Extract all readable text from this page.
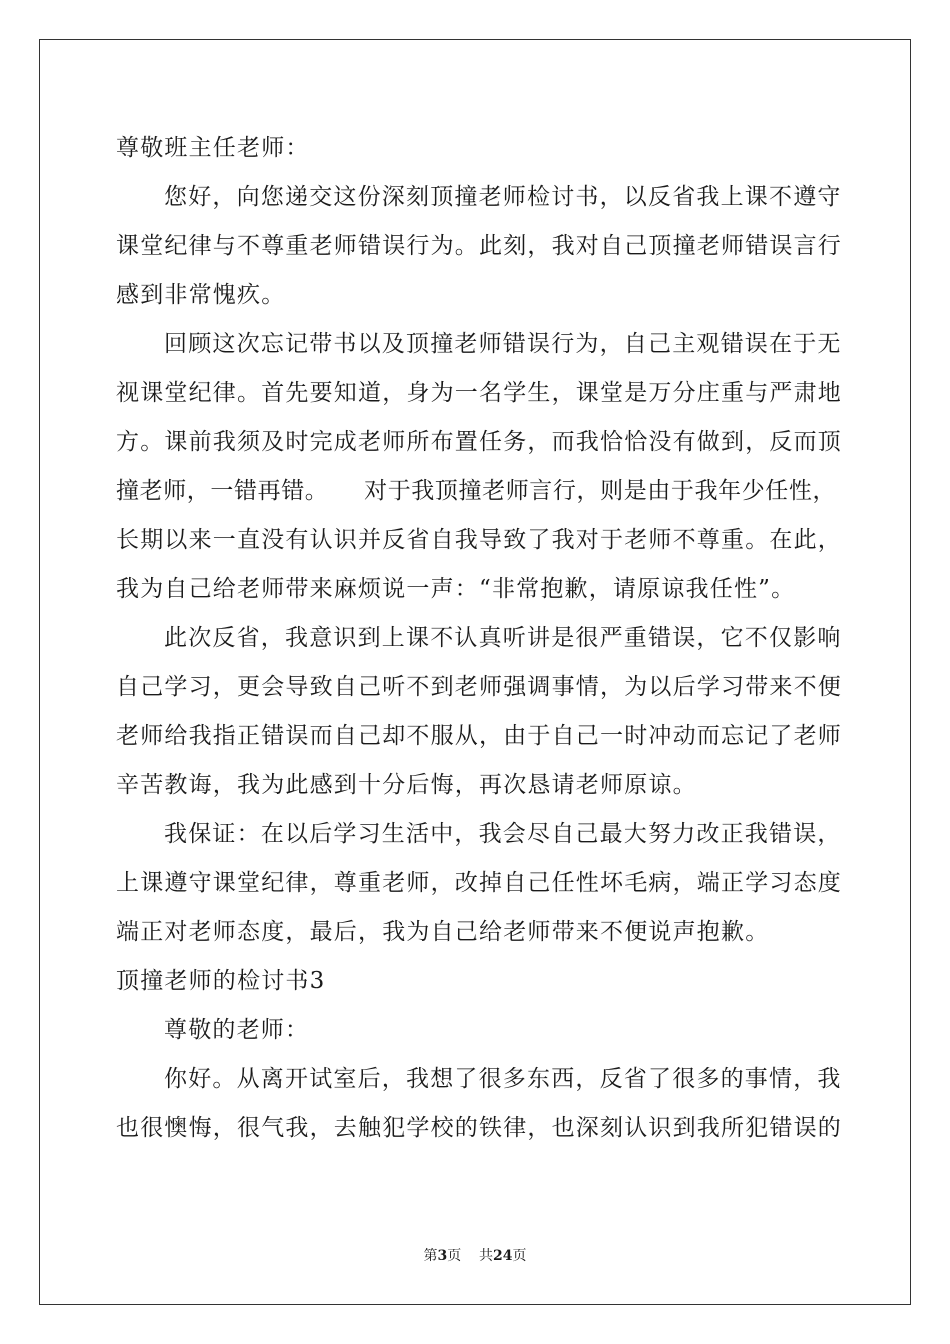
尊敬班主任老师：
您好，向您递交这份深刻顶撞老师检讨书，以反省我上课不遵守
课堂纪律与不尊重老师错误行为。此刻，我对自己顶撞老师错误言行
感到非常愧疚。
回顾这次忘记带书以及顶撞老师错误行为，自己主观错误在于无
视课堂纪律。首先要知道，身为一名学生，课堂是万分庄重与严肃地
方。课前我须及时完成老师所布置任务，而我恰恰没有做到，反而顶
撞老师，一错再错。　　对于我顶撞老师言行，则是由于我年少任性，
长期以来一直没有认识并反省自我导致了我对于老师不尊重。在此，
我为自己给老师带来麻烦说一声：“非常抱歉，请原谅我任性”。
此次反省，我意识到上课不认真听讲是很严重错误，它不仅影响
自己学习，更会导致自己听不到老师强调事情，为以后学习带来不便
老师给我指正错误而自己却不服从，由于自己一时冲动而忘记了老师
辛苦教诲，我为此感到十分后悔，再次恳请老师原谅。
我保证：在以后学习生活中，我会尽自己最大努力改正我错误，
上课遵守课堂纪律，尊重老师，改掉自己任性坏毛病，端正学习态度
端正对老师态度，最后，我为自己给老师带来不便说声抱歉。
顶撞老师的检讨书3
尊敬的老师：
你好。从离开试室后，我想了很多东西，反省了很多的事情，我
也很懊悔，很气我，去触犯学校的铁律，也深刻认识到我所犯错误的
第3页 共24页
